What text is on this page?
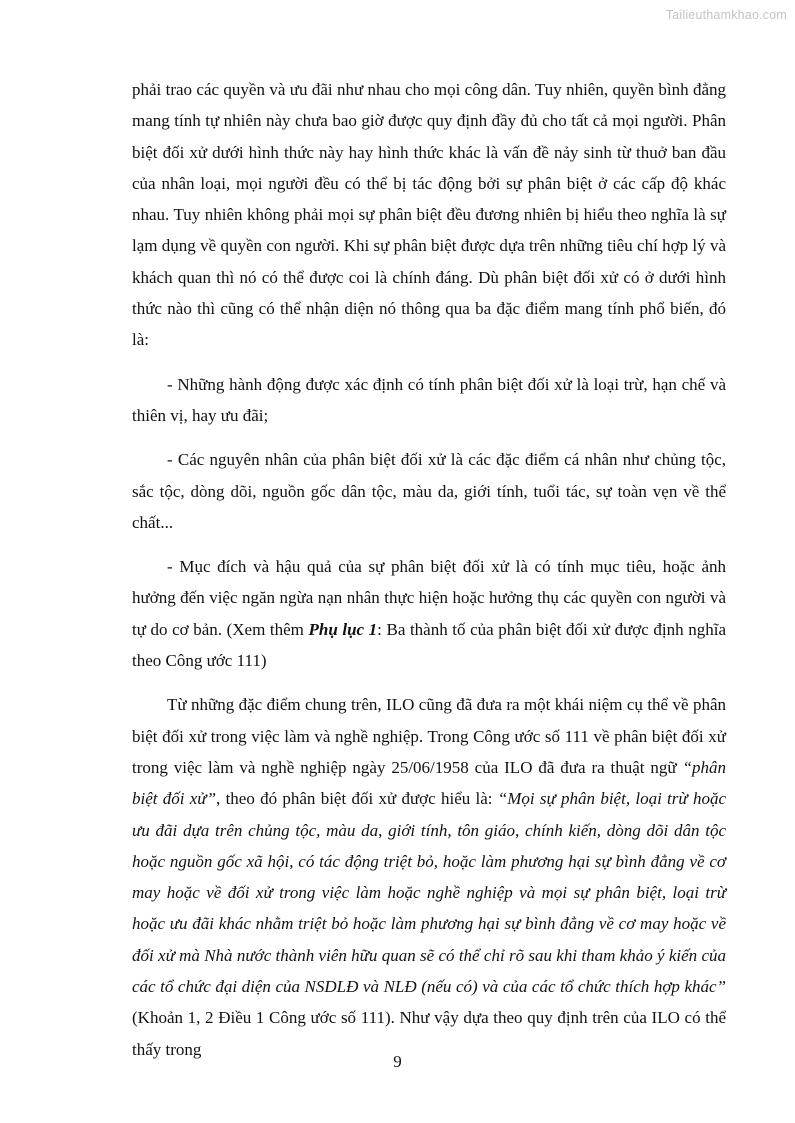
Tailieuthamkhao.com

phải trao các quyền và ưu đãi như nhau cho mọi công dân. Tuy nhiên, quyền bình đẳng mang tính tự nhiên này chưa bao giờ được quy định đầy đủ cho tất cả mọi người. Phân biệt đối xử dưới hình thức này hay hình thức khác là vấn đề nảy sinh từ thuở ban đầu của nhân loại, mọi người đều có thể bị tác động bởi sự phân biệt ở các cấp độ khác nhau. Tuy nhiên không phải mọi sự phân biệt đều đương nhiên bị hiểu theo nghĩa là sự lạm dụng về quyền con người. Khi sự phân biệt được dựa trên những tiêu chí hợp lý và khách quan thì nó có thể được coi là chính đáng. Dù phân biệt đối xử có ở dưới hình thức nào thì cũng có thể nhận diện nó thông qua ba đặc điểm mang tính phổ biến, đó là:

- Những hành động được xác định có tính phân biệt đối xử là loại trừ, hạn chế và thiên vị, hay ưu đãi;

- Các nguyên nhân của phân biệt đối xử là các đặc điểm cá nhân như chủng tộc, sắc tộc, dòng dõi, nguồn gốc dân tộc, màu da, giới tính, tuổi tác, sự toàn vẹn về thể chất...

- Mục đích và hậu quả của sự phân biệt đối xử là có tính mục tiêu, hoặc ảnh hưởng đến việc ngăn ngừa nạn nhân thực hiện hoặc hưởng thụ các quyền con người và tự do cơ bản. (Xem thêm Phụ lục 1: Ba thành tố của phân biệt đối xử được định nghĩa theo Công ước 111)

Từ những đặc điểm chung trên, ILO cũng đã đưa ra một khái niệm cụ thể về phân biệt đối xử trong việc làm và nghề nghiệp. Trong Công ước số 111 về phân biệt đối xử trong việc làm và nghề nghiệp ngày 25/06/1958 của ILO đã đưa ra thuật ngữ “phân biệt đối xử”, theo đó phân biệt đối xử được hiểu là: “Mọi sự phân biệt, loại trừ hoặc ưu đãi dựa trên chủng tộc, màu da, giới tính, tôn giáo, chính kiến, dòng dõi dân tộc hoặc nguồn gốc xã hội, có tác động triệt bỏ, hoặc làm phương hại sự bình đẳng về cơ may hoặc về đối xử trong việc làm hoặc nghề nghiệp và mọi sự phân biệt, loại trừ hoặc ưu đãi khác nhằm triệt bỏ hoặc làm phương hại sự bình đẳng về cơ may hoặc về đối xử mà Nhà nước thành viên hữu quan sẽ có thể chỉ rõ sau khi tham khảo ý kiến của các tổ chức đại diện của NSDLĐ và NLĐ (nếu có) và của các tổ chức thích hợp khác” (Khoản 1, 2 Điều 1 Công ước số 111). Như vậy dựa theo quy định trên của ILO có thể thấy trong

9
